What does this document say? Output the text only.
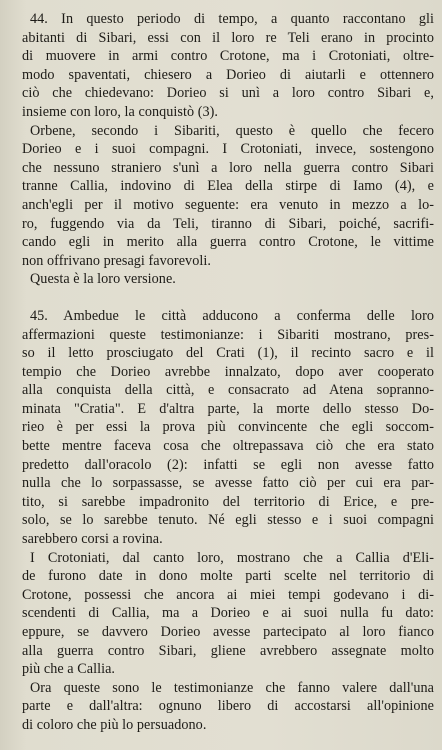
44. In questo periodo di tempo, a quanto raccontano gli
abitanti di Sibari, essi con il loro re Teli erano in procinto
di muovere in armi contro Crotone, ma i Crotoniati, oltre-
modo spaventati, chiesero a Dorieo di aiutarli e ottennero
ciò che chiedevano: Dorieo si unì a loro contro Sibari e,
insieme con loro, la conquistò (3).
Orbene, secondo i Sibariti, questo è quello che fecero
Dorieo e i suoi compagni. I Crotoniati, invece, sostengono
che nessuno straniero s'unì a loro nella guerra contro Sibari
tranne Callia, indovino di Elea della stirpe di Iamo (4), e
anch'egli per il motivo seguente: era venuto in mezzo a lo-
ro, fuggendo via da Teli, tiranno di Sibari, poiché, sacrifi-
cando egli in merito alla guerra contro Crotone, le vittime
non offrivano presagi favorevoli.
Questa è la loro versione.
45. Ambedue le città adducono a conferma delle loro
affermazioni queste testimonianze: i Sibariti mostrano, pres-
so il letto prosciugato del Crati (1), il recinto sacro e il
tempio che Dorieo avrebbe innalzato, dopo aver cooperato
alla conquista della città, e consacrato ad Atena sopranno-
minata "Cratia". E d'altra parte, la morte dello stesso Do-
rieo è per essi la prova più convincente che egli soccom-
bette mentre faceva cosa che oltrepassava ciò che era stato
predetto dall'oracolo (2): infatti se egli non avesse fatto
nulla che lo sorpassasse, se avesse fatto ciò per cui era par-
tito, si sarebbe impadronito del territorio di Erice, e pre-
solo, se lo sarebbe tenuto. Né egli stesso e i suoi compagni
sarebbero corsi a rovina.
I Crotoniati, dal canto loro, mostrano che a Callia d'Eli-
de furono date in dono molte parti scelte nel territorio di
Crotone, possessi che ancora ai miei tempi godevano i di-
scendenti di Callia, ma a Dorieo e ai suoi nulla fu dato:
eppure, se davvero Dorieo avesse partecipato al loro fianco
alla guerra contro Sibari, gliene avrebbero assegnate molto
più che a Callia.
Ora queste sono le testimonianze che fanno valere dall'una
parte e dall'altra: ognuno libero di accostarsi all'opinione
di coloro che più lo persuadono.
